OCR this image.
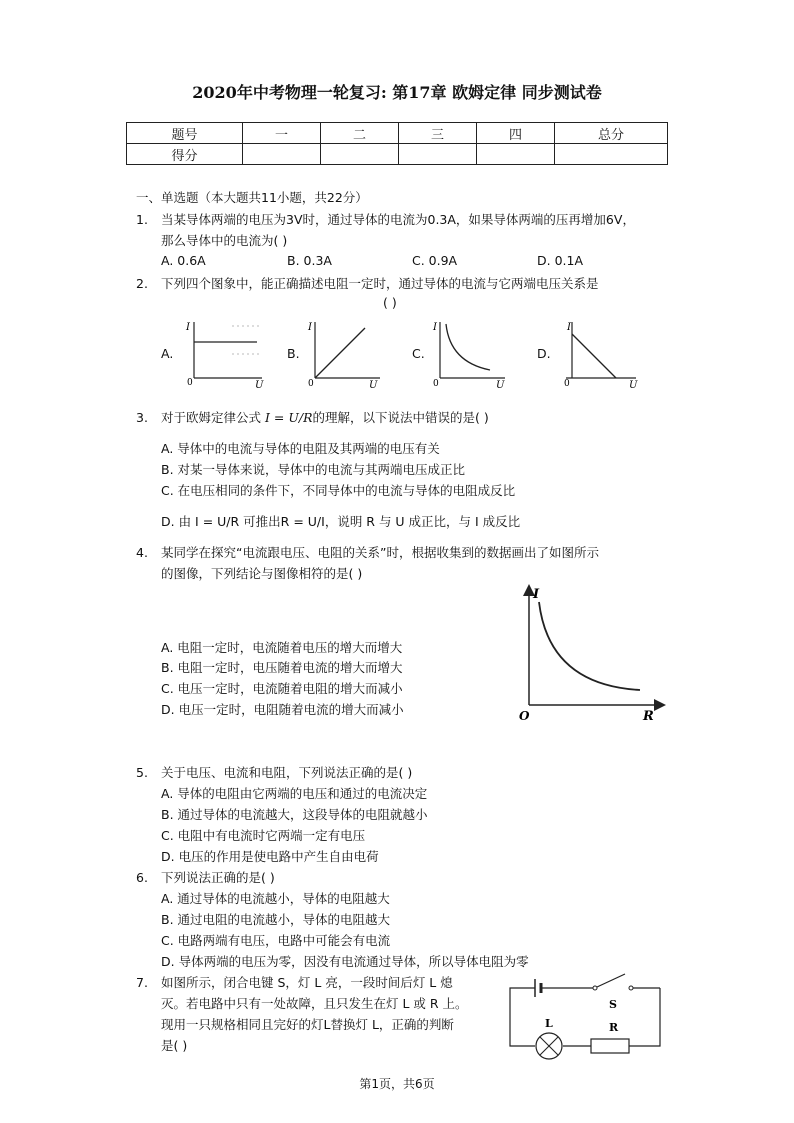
2020年中考物理一轮复习: 第17章 欧姆定律 同步测试卷
题号	一	二	三	四	总分
得分					
一、单选题（本大题共11小题，共22分）
1. 当某导体两端的电压为3V时，通过导体的电流为0.3A，如果导体两端的压再增加6V，
那么导体中的电流为( )
A. 0.6A	B. 0.3A	C. 0.9A	D. 0.1A
2. 下列四个图象中，能正确描述电阻一定时，通过导体的电流与它两端电压关系是
( )
A.	B.	C.	D.
I
U
0
I
U
0
I
U
0
I
U
0
3. 对于欧姆定律公式 I = U/R的理解，以下说法中错误的是( )
A. 导体中的电流与导体的电阻及其两端的电压有关
B. 对某一导体来说，导体中的电流与其两端电压成正比
C. 在电压相同的条件下，不同导体中的电流与导体的电阻成反比
D. 由 I = U/R 可推出R = U/I，说明 R 与 U 成正比，与 I 成反比
4. 某同学在探究“电流跟电压、电阻的关系”时，根据收集到的数据画出了如图所示
的图像，下列结论与图像相符的是( )
A. 电阻一定时，电流随着电压的增大而增大
B. 电阻一定时，电压随着电流的增大而增大
C. 电压一定时，电流随着电阻的增大而减小
D. 电压一定时，电阻随着电流的增大而减小
I
R
O
5. 关于电压、电流和电阻，下列说法正确的是( )
A. 导体的电阻由它两端的电压和通过的电流决定
B. 通过导体的电流越大，这段导体的电阻就越小
C. 电阻中有电流时它两端一定有电压
D. 电压的作用是使电路中产生自由电荷
6. 下列说法正确的是( )
A. 通过导体的电流越小，导体的电阻越大
B. 通过电阻的电流越小，导体的电阻越大
C. 电路两端有电压，电路中可能会有电流
D. 导体两端的电压为零，因没有电流通过导体，所以导体电阻为零
7. 如图所示，闭合电键 S，灯 L 亮，一段时间后灯 L 熄
灭。若电路中只有一处故障，且只发生在灯 L 或 R 上。
现用一只规格相同且完好的灯L替换灯 L，正确的判断
是( )
S
L	R
第1页，共6页
